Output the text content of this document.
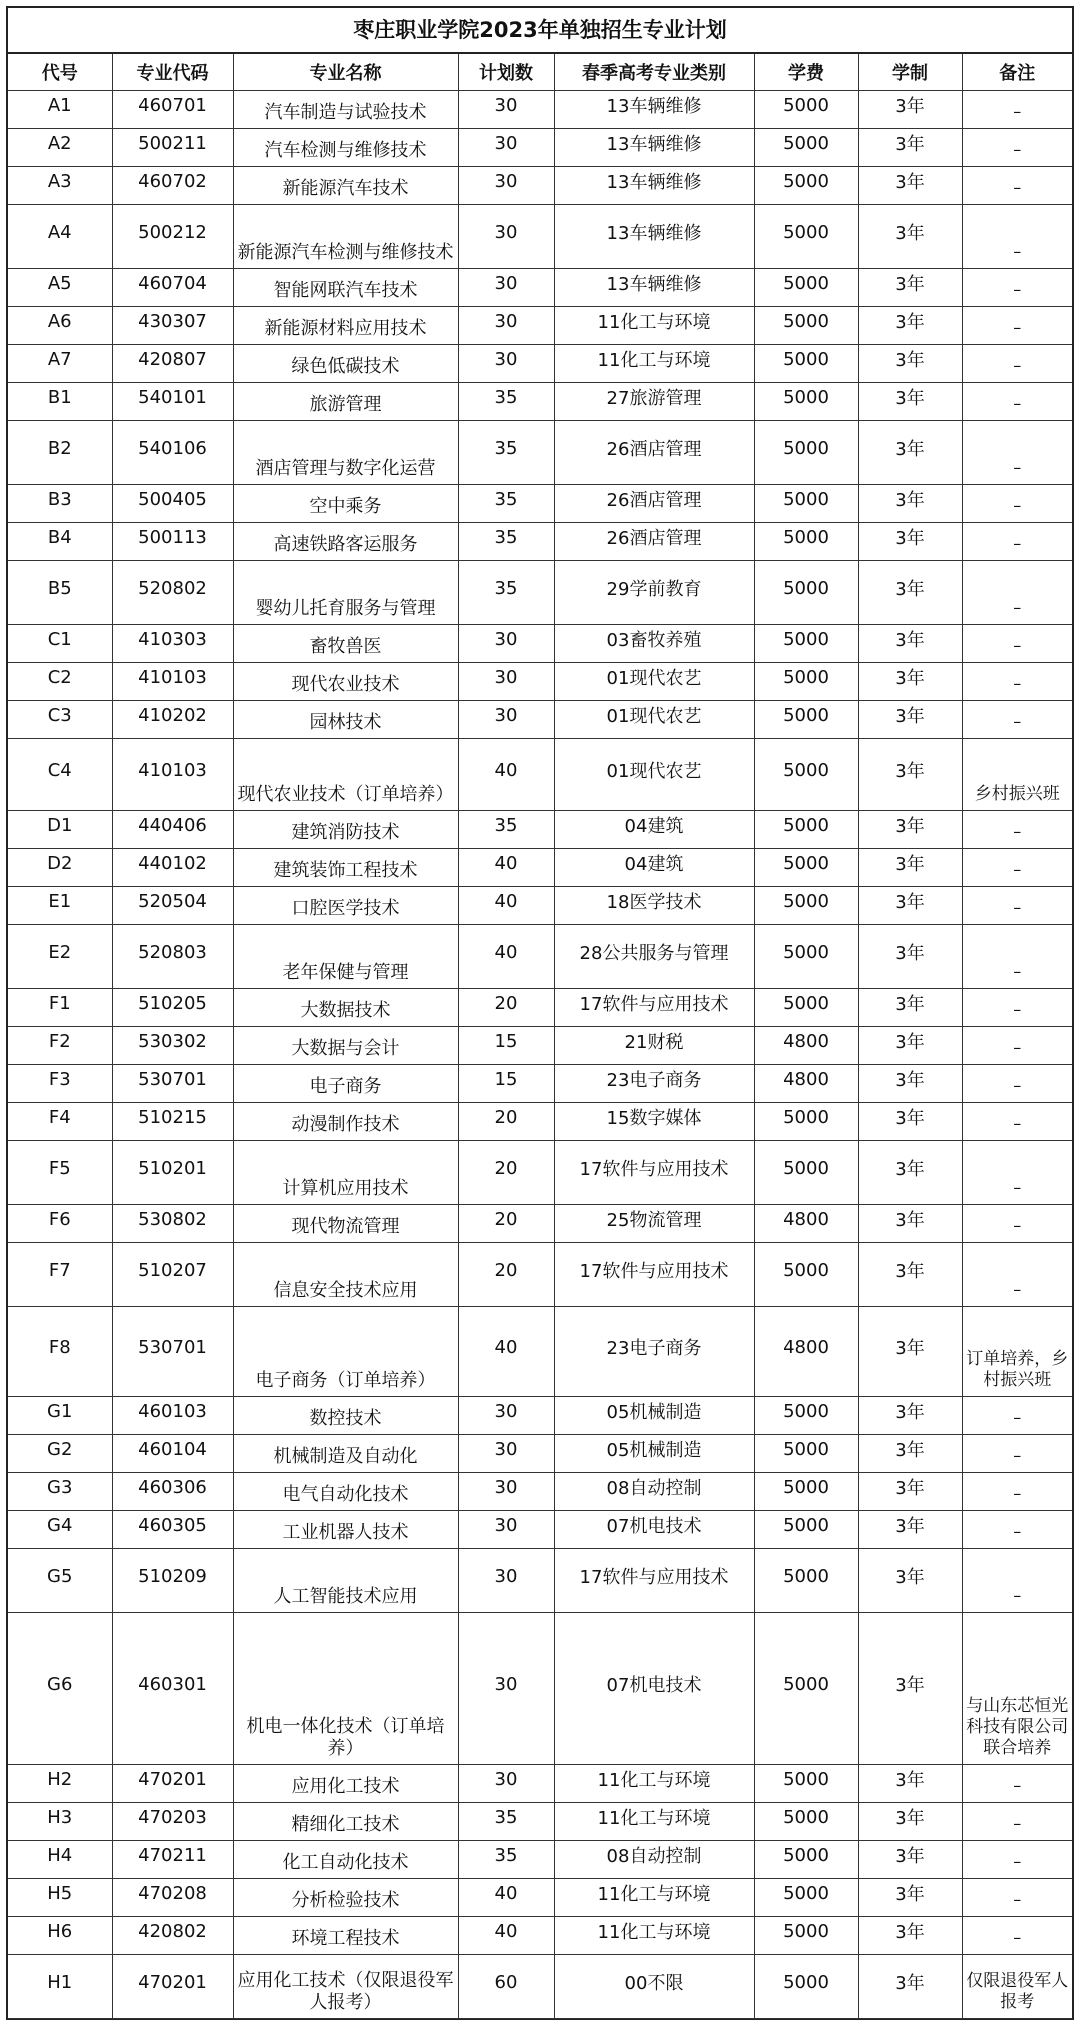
枣庄职业学院2023年单独招生专业计划
代号	专业代码	专业名称	计划数	春季高考专业类别	学费	学制	备注
A1	460701	汽车制造与试验技术	30	13车辆维修	5000	3年	–
A2	500211	汽车检测与维修技术	30	13车辆维修	5000	3年	–
A3	460702	新能源汽车技术	30	13车辆维修	5000	3年	–
A4	500212	新能源汽车检测与维修技术	30	13车辆维修	5000	3年	–
A5	460704	智能网联汽车技术	30	13车辆维修	5000	3年	–
A6	430307	新能源材料应用技术	30	11化工与环境	5000	3年	–
A7	420807	绿色低碳技术	30	11化工与环境	5000	3年	–
B1	540101	旅游管理	35	27旅游管理	5000	3年	–
B2	540106	酒店管理与数字化运营	35	26酒店管理	5000	3年	–
B3	500405	空中乘务	35	26酒店管理	5000	3年	–
B4	500113	高速铁路客运服务	35	26酒店管理	5000	3年	–
B5	520802	婴幼儿托育服务与管理	35	29学前教育	5000	3年	–
C1	410303	畜牧兽医	30	03畜牧养殖	5000	3年	–
C2	410103	现代农业技术	30	01现代农艺	5000	3年	–
C3	410202	园林技术	30	01现代农艺	5000	3年	–
C4	410103	现代农业技术（订单培养）	40	01现代农艺	5000	3年	乡村振兴班
D1	440406	建筑消防技术	35	04建筑	5000	3年	–
D2	440102	建筑装饰工程技术	40	04建筑	5000	3年	–
E1	520504	口腔医学技术	40	18医学技术	5000	3年	–
E2	520803	老年保健与管理	40	28公共服务与管理	5000	3年	–
F1	510205	大数据技术	20	17软件与应用技术	5000	3年	–
F2	530302	大数据与会计	15	21财税	4800	3年	–
F3	530701	电子商务	15	23电子商务	4800	3年	–
F4	510215	动漫制作技术	20	15数字媒体	5000	3年	–
F5	510201	计算机应用技术	20	17软件与应用技术	5000	3年	–
F6	530802	现代物流管理	20	25物流管理	4800	3年	–
F7	510207	信息安全技术应用	20	17软件与应用技术	5000	3年	–
F8	530701	电子商务（订单培养）	40	23电子商务	4800	3年	订单培养，乡村振兴班
G1	460103	数控技术	30	05机械制造	5000	3年	–
G2	460104	机械制造及自动化	30	05机械制造	5000	3年	–
G3	460306	电气自动化技术	30	08自动控制	5000	3年	–
G4	460305	工业机器人技术	30	07机电技术	5000	3年	–
G5	510209	人工智能技术应用	30	17软件与应用技术	5000	3年	–
G6	460301	机电一体化技术（订单培养）	30	07机电技术	5000	3年	与山东芯恒光科技有限公司联合培养
H2	470201	应用化工技术	30	11化工与环境	5000	3年	–
H3	470203	精细化工技术	35	11化工与环境	5000	3年	–
H4	470211	化工自动化技术	35	08自动控制	5000	3年	–
H5	470208	分析检验技术	40	11化工与环境	5000	3年	–
H6	420802	环境工程技术	40	11化工与环境	5000	3年	–
H1	470201	应用化工技术（仅限退役军人报考）	60	00不限	5000	3年	仅限退役军人报考
